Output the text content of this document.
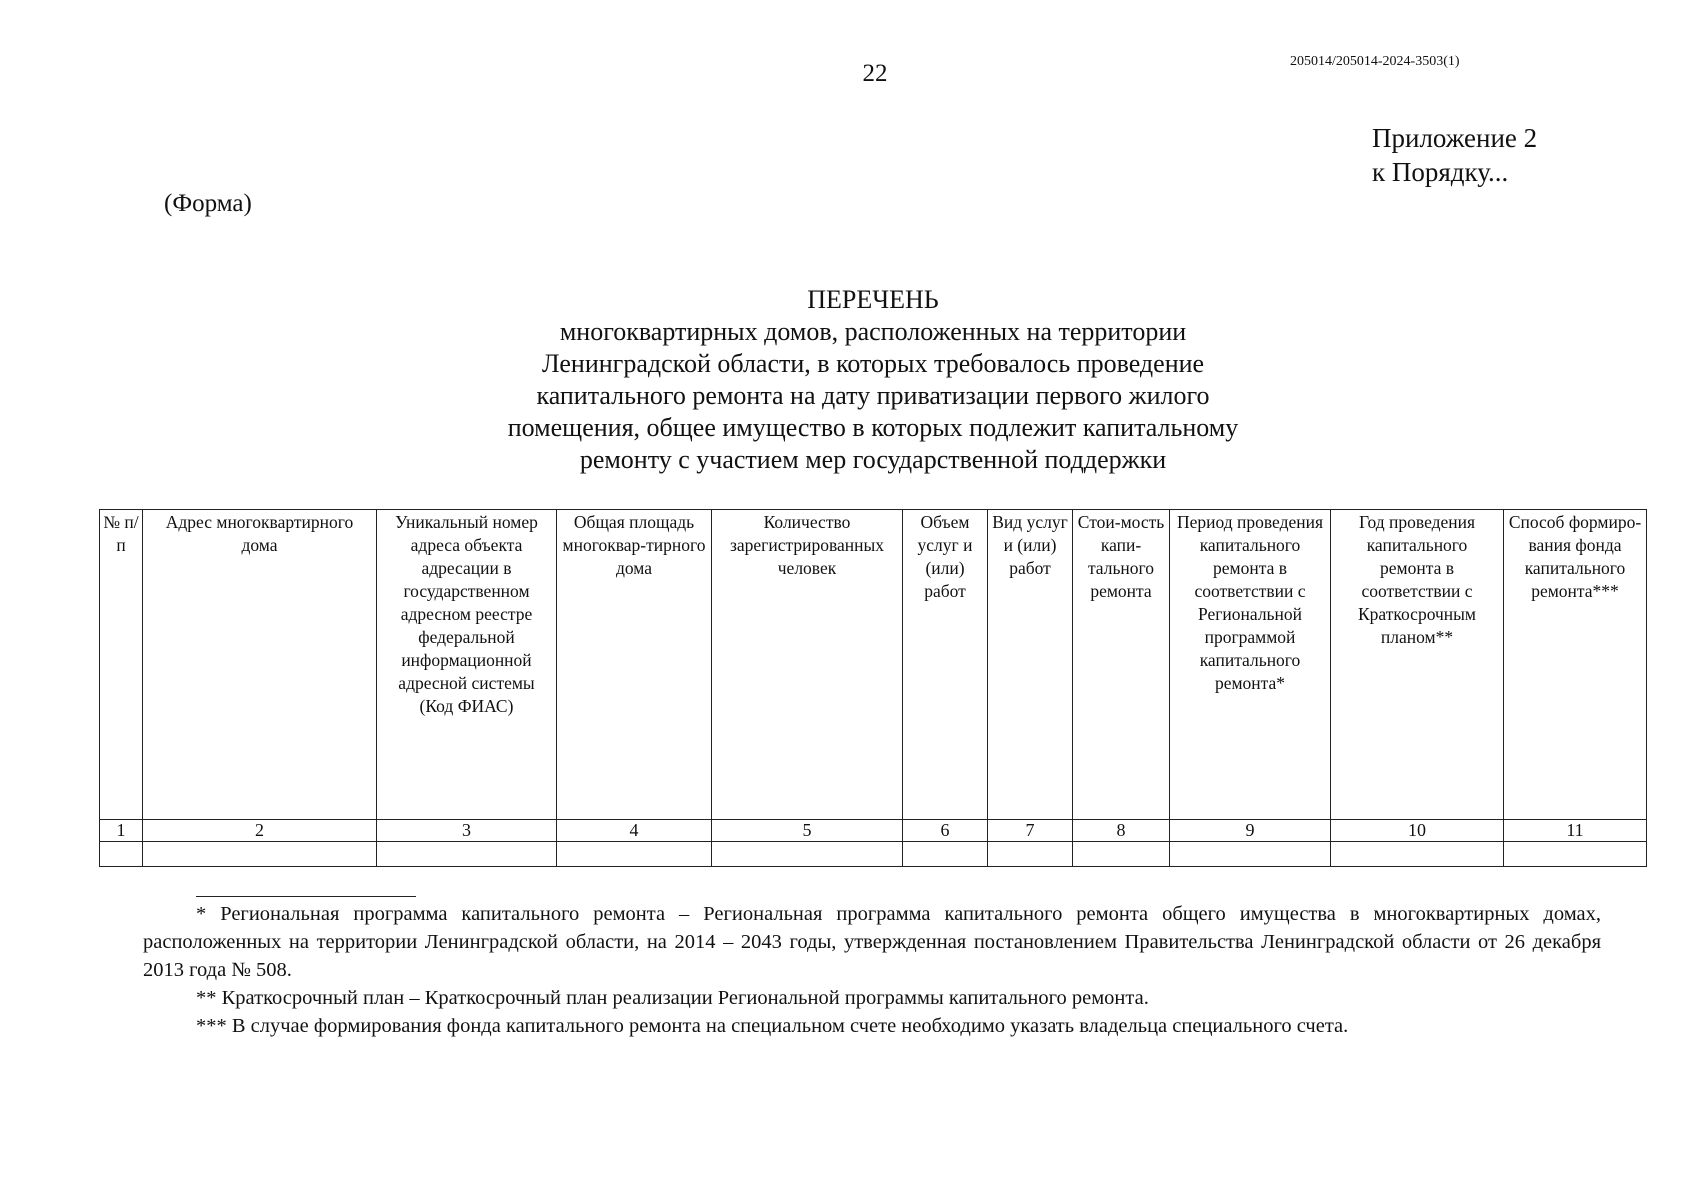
22	205014/205014-2024-3503(1)
Приложение 2
к Порядку...
(Форма)
ПЕРЕЧЕНЬ
многоквартирных домов, расположенных на территории
Ленинградской области, в которых требовалось проведение
капитального ремонта на дату приватизации первого жилого
помещения, общее имущество в которых подлежит капитальному
ремонту с участием мер государственной поддержки
№ п/п	Адрес многоквартирного дома	Уникальный номер адреса объекта адресации в государственном адресном реестре федеральной информационной адресной системы (Код ФИАС)	Общая площадь многоквар-тирного дома	Количество зарегистрированных человек	Объем услуг и (или) работ	Вид услуг и (или) работ	Стои-мость капи-тального ремонта	Период проведения капитального ремонта в соответствии с Региональной программой капитального ремонта*	Год проведения капитального ремонта в соответствии с Краткосрочным планом**	Способ формиро-вания фонда капитального ремонта***
1	2	3	4	5	6	7	8	9	10	11

* Региональная программа капитального ремонта – Региональная программа капитального ремонта общего имущества в многоквартирных домах, расположенных на территории Ленинградской области, на 2014 – 2043 годы, утвержденная постановлением Правительства Ленинградской области от 26 декабря 2013 года № 508.
** Краткосрочный план – Краткосрочный план реализации Региональной программы капитального ремонта.
*** В случае формирования фонда капитального ремонта на специальном счете необходимо указать владельца специального счета.
